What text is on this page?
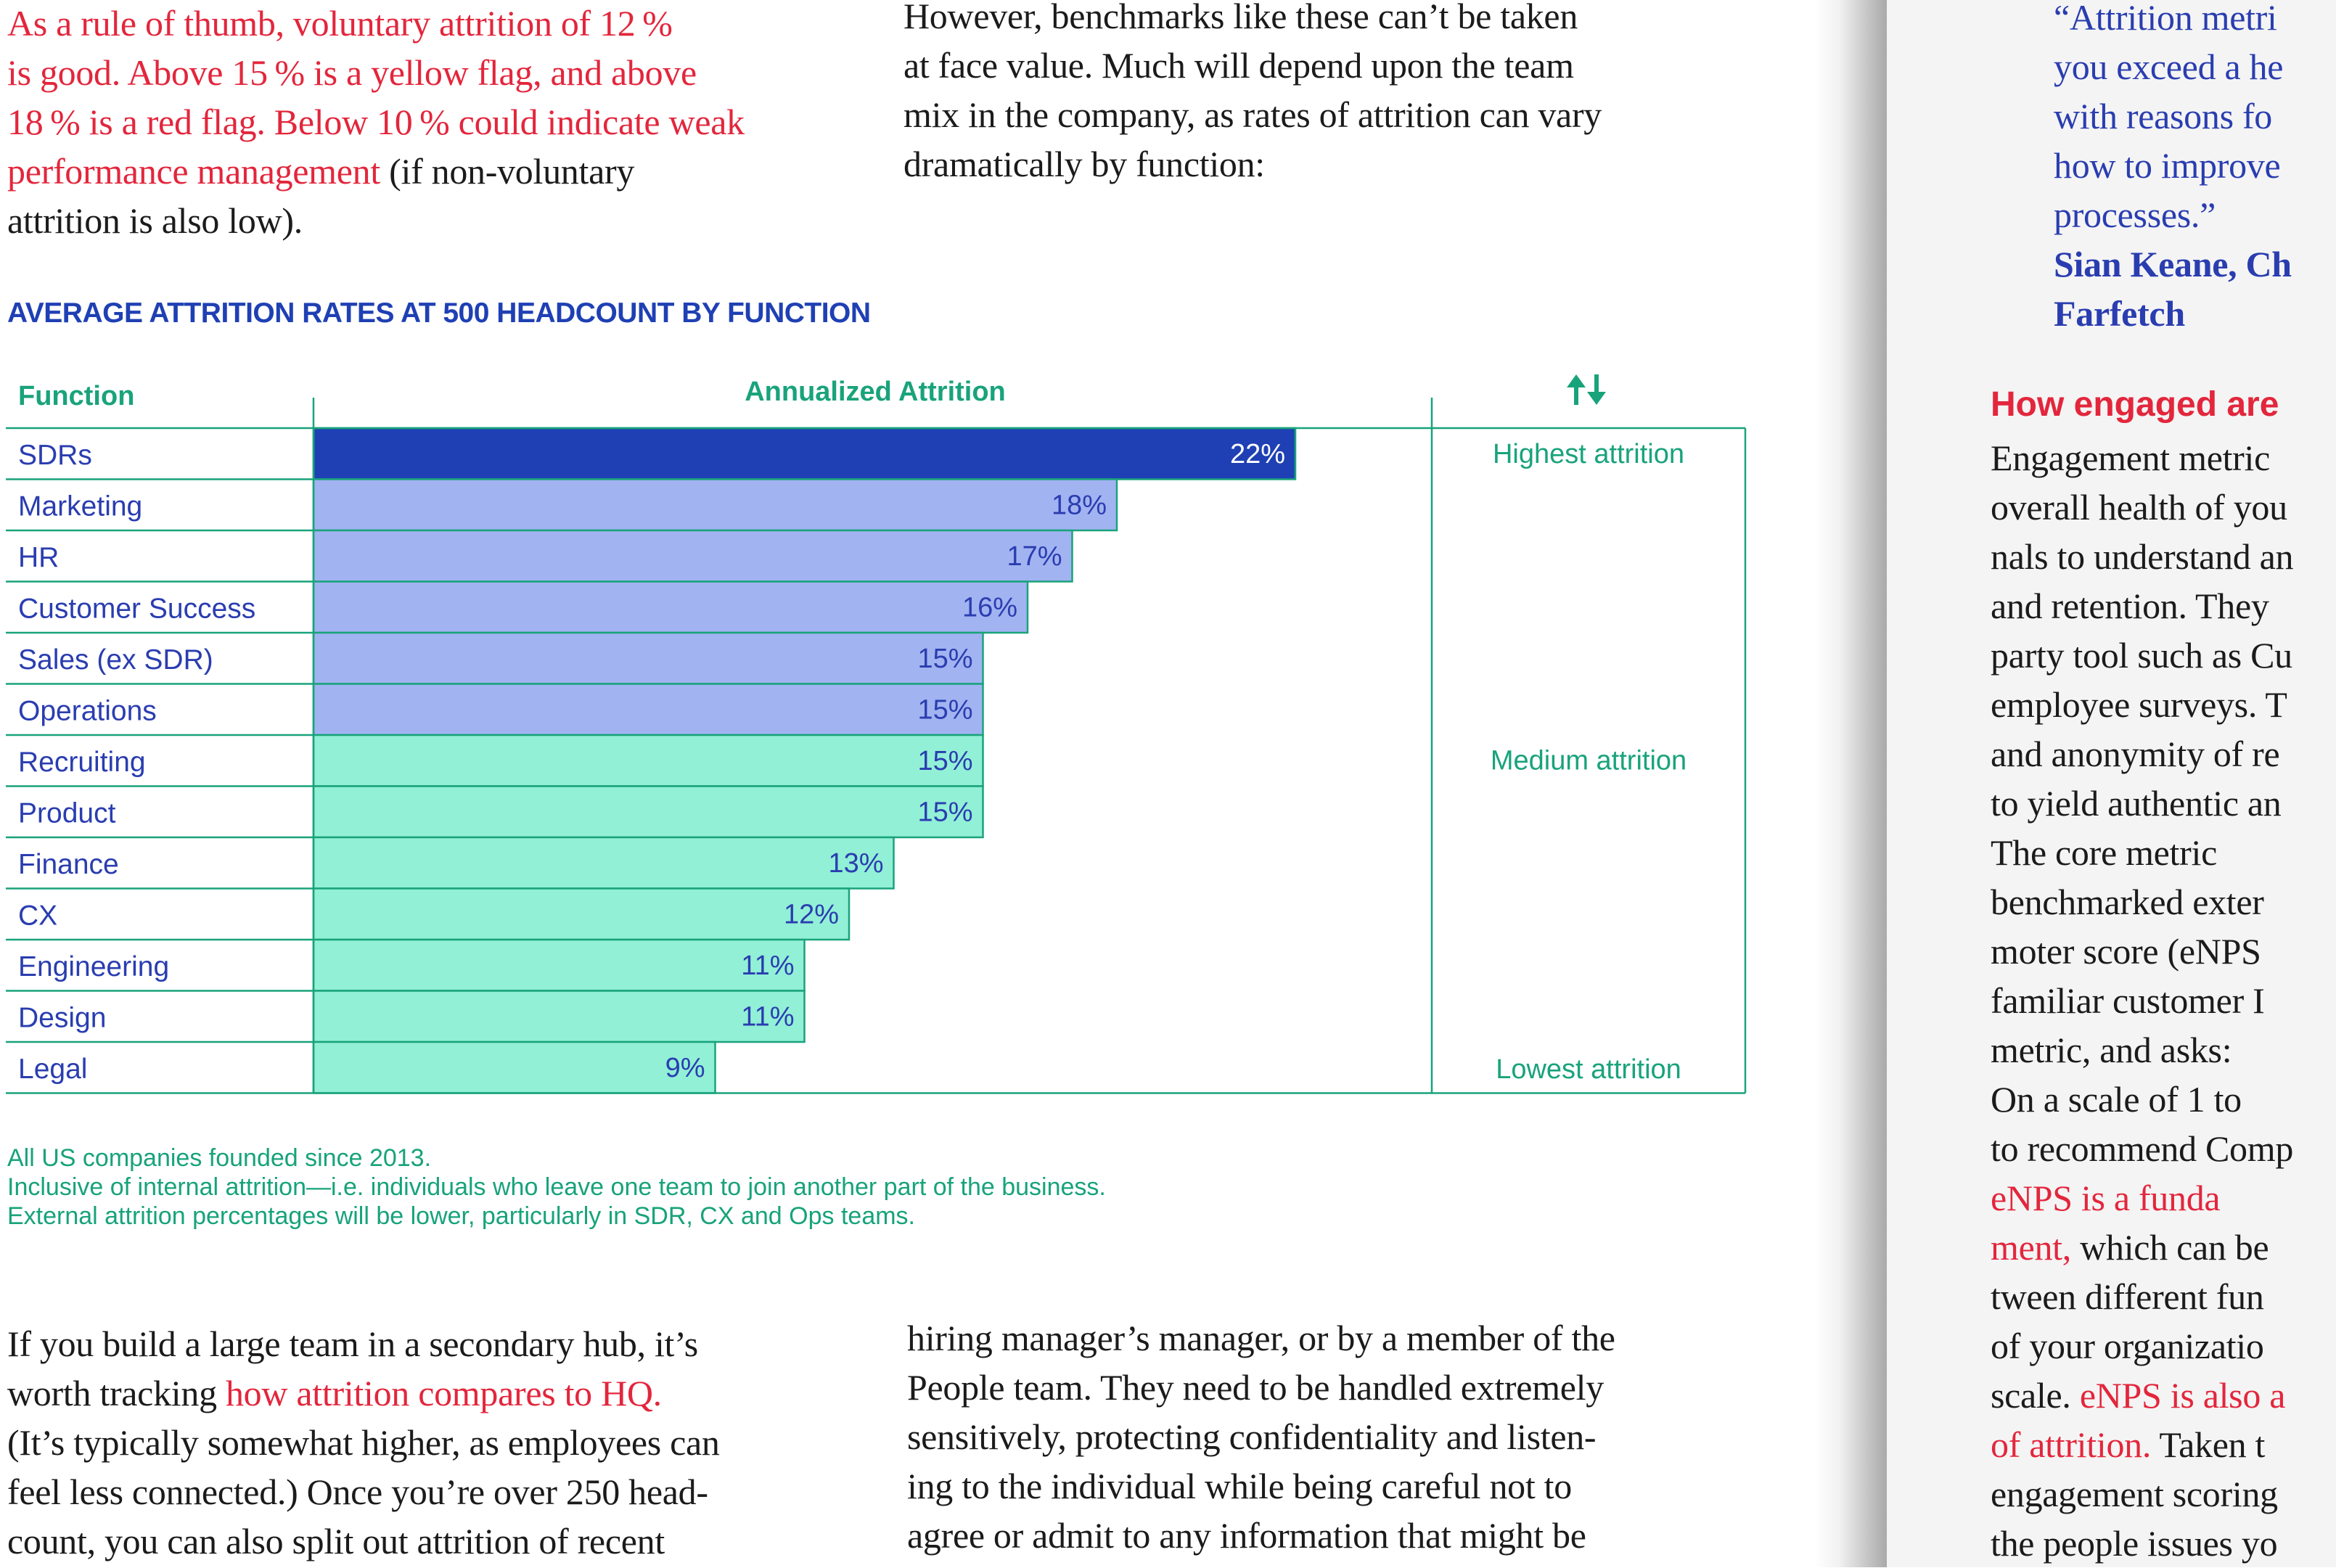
As a rule of thumb, voluntary attrition of 12 %
is good. Above 15 % is a yellow flag, and above
18 % is a red flag. Below 10 % could indicate weak
performance management (if non-voluntary
attrition is also low).
However, benchmarks like these can’t be taken
at face value. Much will depend upon the team
mix in the company, as rates of attrition can vary
dramatically by function:
AVERAGE ATTRITION RATES AT 500 HEADCOUNT BY FUNCTION
Function	Annualized Attrition
22%
18%
17%
16%
15%
15%
15%
15%
13%
12%
11%
11%
9%
SDRs
Marketing
HR
Customer Success
Sales (ex SDR)
Operations
Recruiting
Product
Finance
CX
Engineering
Design
Legal
Highest attrition
Medium attrition
Lowest attrition
All US companies founded since 2013.
Inclusive of internal attrition—i.e. individuals who leave one team to join another part of the business.
External attrition percentages will be lower, particularly in SDR, CX and Ops teams.
If you build a large team in a secondary hub, it’s
worth tracking how attrition compares to HQ.
(It’s typically somewhat higher, as employees can
feel less connected.) Once you’re over 250 head-
count, you can also split out attrition of recent
hiring manager’s manager, or by a member of the
People team. They need to be handled extremely
sensitively, protecting confidentiality and listen-
ing to the individual while being careful not to
agree or admit to any information that might be
“Attrition metri
you exceed a he
with reasons fo
how to improve
processes.”
Sian Keane, Ch
Farfetch
How engaged are
Engagement metric
overall health of you
nals to understand an
and retention. They
party tool such as Cu
employee surveys. T
and anonymity of re
to yield authentic an
The core metric
benchmarked exter
moter score (eNPS
familiar customer I
metric, and asks:
On a scale of 1 to
to recommend Comp
eNPS is a funda
ment, which can be
tween different fun
of your organizatio
scale. eNPS is also a
of attrition. Taken t
engagement scoring
the people issues yo
